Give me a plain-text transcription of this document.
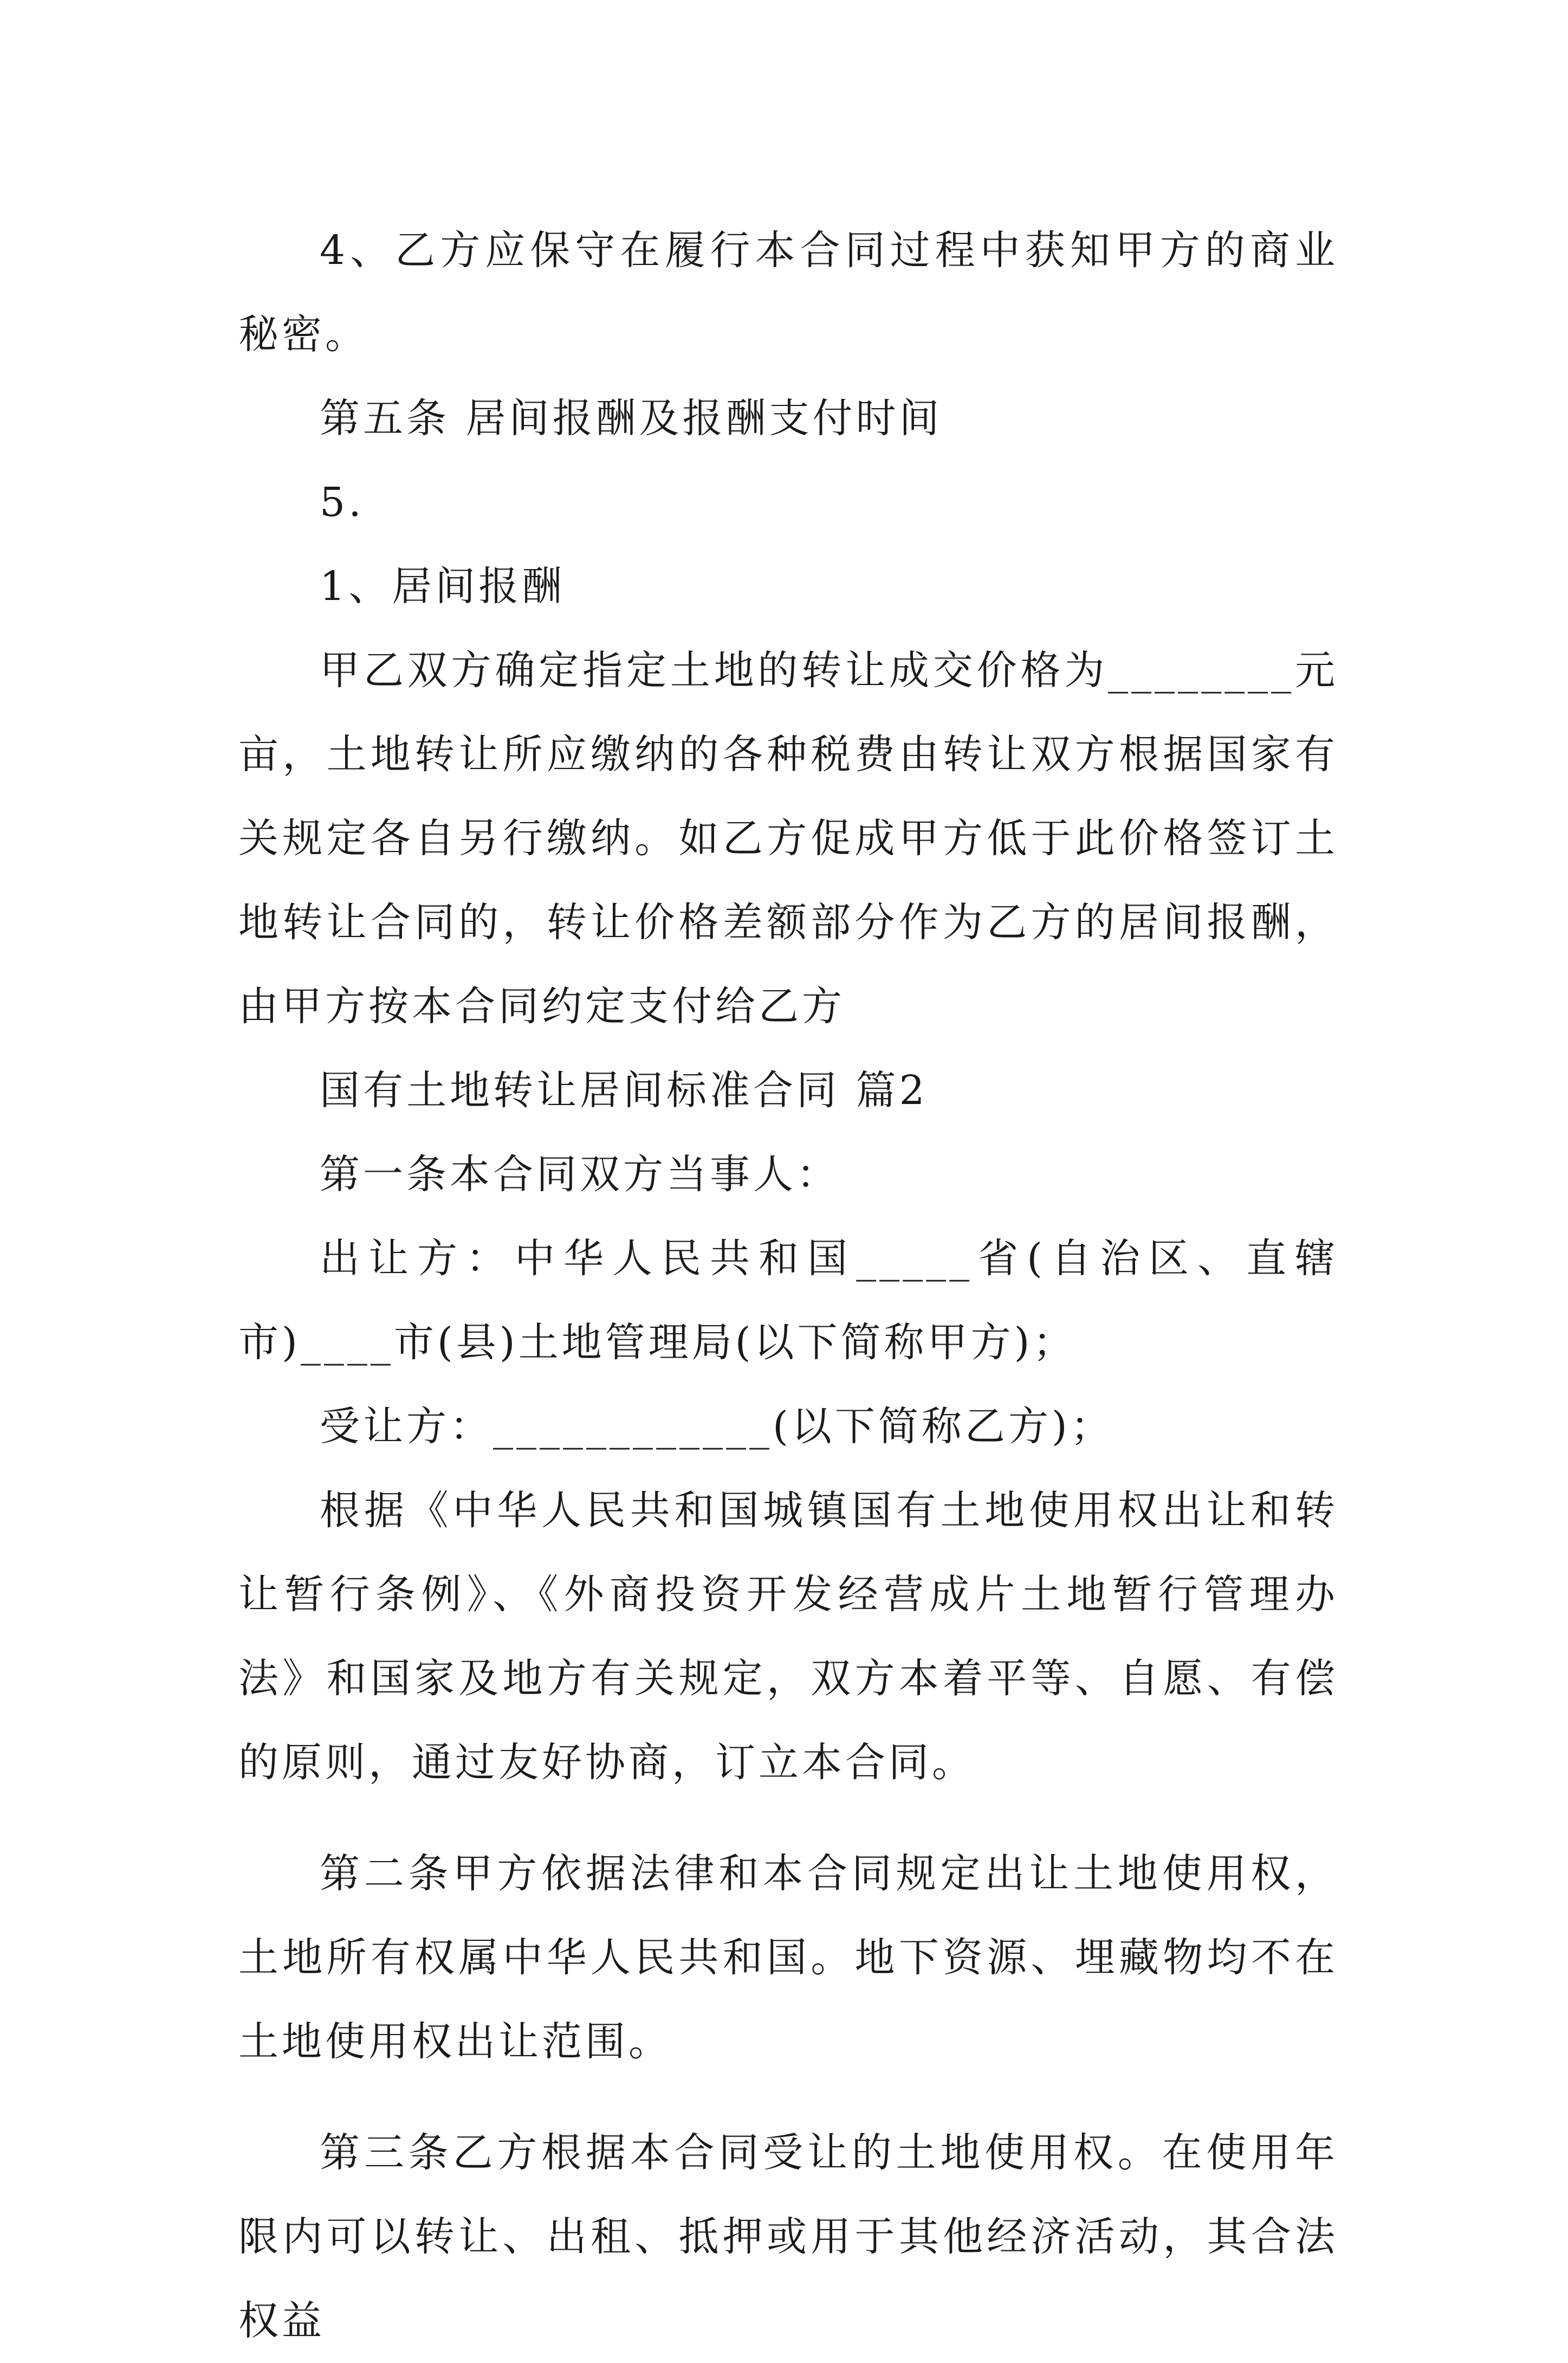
4、乙方应保守在履行本合同过程中获知甲方的商业秘密。

第五条 居间报酬及报酬支付时间

5.

1、居间报酬

甲乙双方确定指定土地的转让成交价格为________元亩，土地转让所应缴纳的各种税费由转让双方根据国家有关规定各自另行缴纳。如乙方促成甲方低于此价格签订土地转让合同的，转让价格差额部分作为乙方的居间报酬，由甲方按本合同约定支付给乙方

国有土地转让居间标准合同 篇2

第一条本合同双方当事人：

出让方：中华人民共和国_____省(自治区、直辖市)____市(县)土地管理局(以下简称甲方)；

受让方：____________(以下简称乙方)；

根据《中华人民共和国城镇国有土地使用权出让和转让暂行条例》、《外商投资开发经营成片土地暂行管理办法》和国家及地方有关规定，双方本着平等、自愿、有偿的原则，通过友好协商，订立本合同。

第二条甲方依据法律和本合同规定出让土地使用权，土地所有权属中华人民共和国。地下资源、埋藏物均不在土地使用权出让范围。

第三条乙方根据本合同受让的土地使用权。在使用年限内可以转让、出租、抵押或用于其他经济活动，其合法权益
